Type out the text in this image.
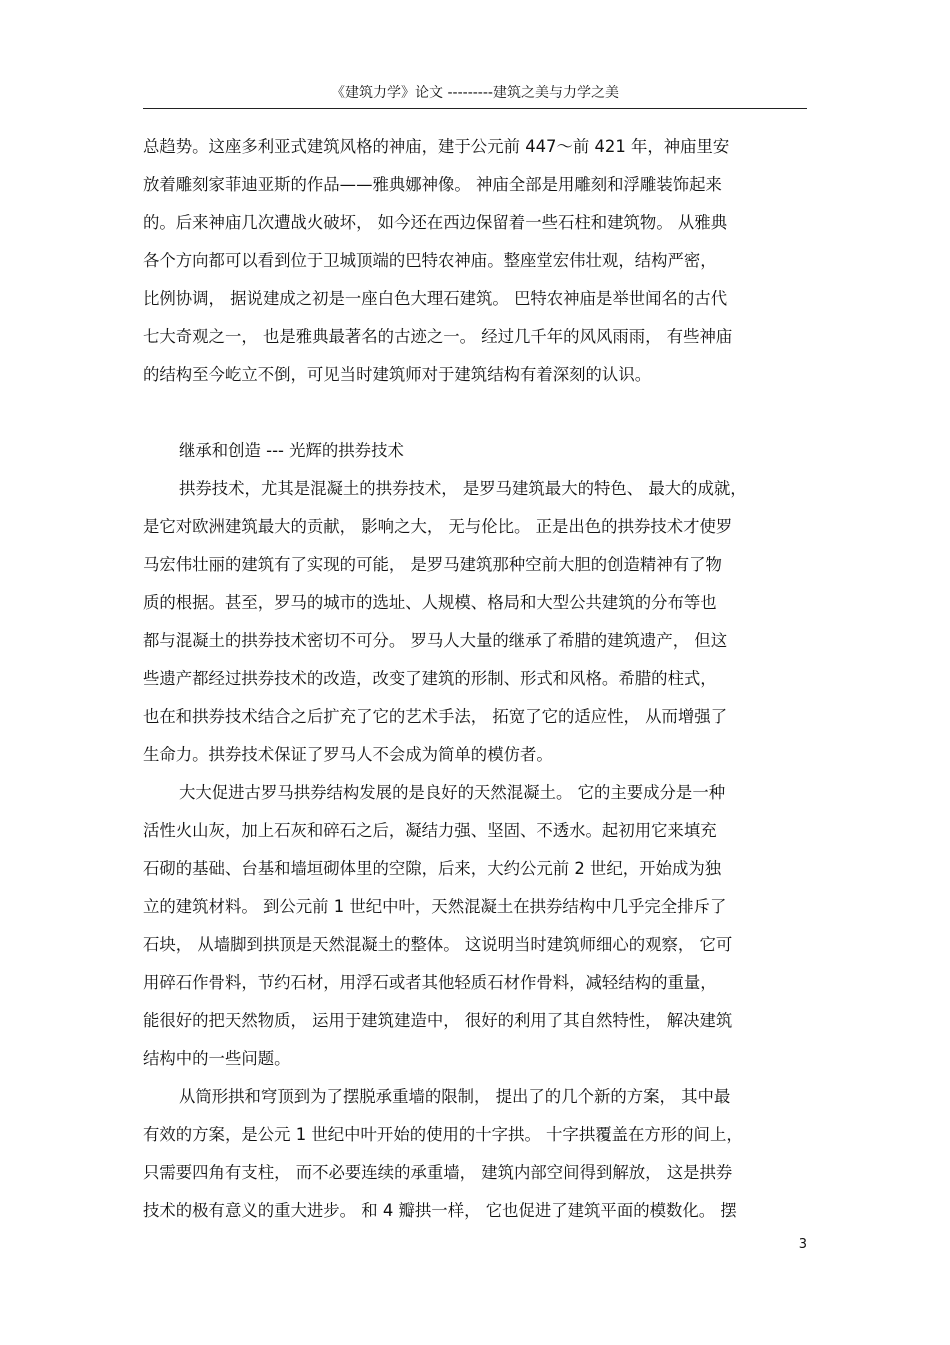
《建筑力学》论文 ---------建筑之美与力学之美
总趋势。这座多利亚式建筑风格的神庙，建于公元前 447～前 421 年，神庙里安
放着雕刻家菲迪亚斯的作品——雅典娜神像。 神庙全部是用雕刻和浮雕装饰起来
的。后来神庙几次遭战火破坏， 如今还在西边保留着一些石柱和建筑物。 从雅典
各个方向都可以看到位于卫城顶端的巴特农神庙。整座堂宏伟壮观，结构严密，
比例协调， 据说建成之初是一座白色大理石建筑。 巴特农神庙是举世闻名的古代
七大奇观之一， 也是雅典最著名的古迹之一。 经过几千年的风风雨雨， 有些神庙
的结构至今屹立不倒，可见当时建筑师对于建筑结构有着深刻的认识。
继承和创造 --- 光辉的拱券技术
拱券技术，尤其是混凝土的拱券技术， 是罗马建筑最大的特色、 最大的成就，
是它对欧洲建筑最大的贡献， 影响之大， 无与伦比。 正是出色的拱券技术才使罗
马宏伟壮丽的建筑有了实现的可能， 是罗马建筑那种空前大胆的创造精神有了物
质的根据。甚至，罗马的城市的选址、人规模、格局和大型公共建筑的分布等也
都与混凝土的拱券技术密切不可分。 罗马人大量的继承了希腊的建筑遗产， 但这
些遗产都经过拱券技术的改造，改变了建筑的形制、形式和风格。希腊的柱式，
也在和拱券技术结合之后扩充了它的艺术手法， 拓宽了它的适应性， 从而增强了
生命力。拱券技术保证了罗马人不会成为简单的模仿者。
大大促进古罗马拱券结构发展的是良好的天然混凝土。 它的主要成分是一种
活性火山灰，加上石灰和碎石之后，凝结力强、坚固、不透水。起初用它来填充
石砌的基础、台基和墙垣砌体里的空隙，后来，大约公元前 2 世纪，开始成为独
立的建筑材料。 到公元前 1 世纪中叶，天然混凝土在拱券结构中几乎完全排斥了
石块， 从墙脚到拱顶是天然混凝土的整体。 这说明当时建筑师细心的观察， 它可
用碎石作骨料，节约石材，用浮石或者其他轻质石材作骨料，减轻结构的重量，
能很好的把天然物质， 运用于建筑建造中， 很好的利用了其自然特性， 解决建筑
结构中的一些问题。
从筒形拱和穹顶到为了摆脱承重墙的限制， 提出了的几个新的方案， 其中最
有效的方案，是公元 1 世纪中叶开始的使用的十字拱。 十字拱覆盖在方形的间上，
只需要四角有支柱， 而不必要连续的承重墙， 建筑内部空间得到解放， 这是拱券
技术的极有意义的重大进步。 和 4 瓣拱一样， 它也促进了建筑平面的模数化。 摆
3
